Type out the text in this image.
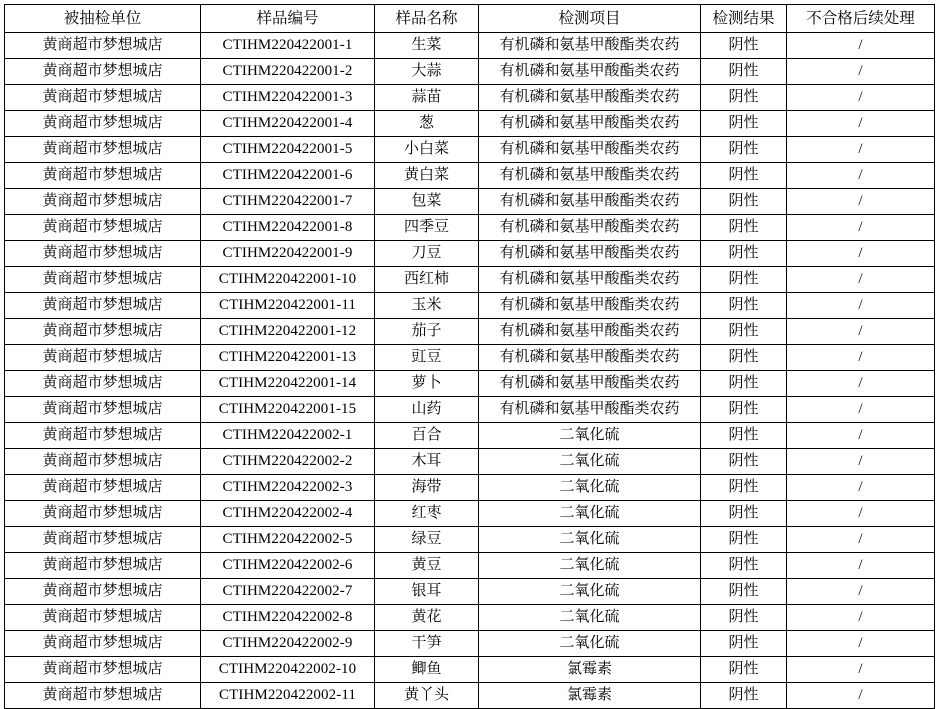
被抽检单位	样品编号	样品名称	检测项目	检测结果	不合格后续处理
黄商超市梦想城店	CTIHM220422001-1	生菜	有机磷和氨基甲酸酯类农药	阴性	/
黄商超市梦想城店	CTIHM220422001-2	大蒜	有机磷和氨基甲酸酯类农药	阴性	/
黄商超市梦想城店	CTIHM220422001-3	蒜苗	有机磷和氨基甲酸酯类农药	阴性	/
黄商超市梦想城店	CTIHM220422001-4	葱	有机磷和氨基甲酸酯类农药	阴性	/
黄商超市梦想城店	CTIHM220422001-5	小白菜	有机磷和氨基甲酸酯类农药	阴性	/
黄商超市梦想城店	CTIHM220422001-6	黄白菜	有机磷和氨基甲酸酯类农药	阴性	/
黄商超市梦想城店	CTIHM220422001-7	包菜	有机磷和氨基甲酸酯类农药	阴性	/
黄商超市梦想城店	CTIHM220422001-8	四季豆	有机磷和氨基甲酸酯类农药	阴性	/
黄商超市梦想城店	CTIHM220422001-9	刀豆	有机磷和氨基甲酸酯类农药	阴性	/
黄商超市梦想城店	CTIHM220422001-10	西红柿	有机磷和氨基甲酸酯类农药	阴性	/
黄商超市梦想城店	CTIHM220422001-11	玉米	有机磷和氨基甲酸酯类农药	阴性	/
黄商超市梦想城店	CTIHM220422001-12	茄子	有机磷和氨基甲酸酯类农药	阴性	/
黄商超市梦想城店	CTIHM220422001-13	豇豆	有机磷和氨基甲酸酯类农药	阴性	/
黄商超市梦想城店	CTIHM220422001-14	萝卜	有机磷和氨基甲酸酯类农药	阴性	/
黄商超市梦想城店	CTIHM220422001-15	山药	有机磷和氨基甲酸酯类农药	阴性	/
黄商超市梦想城店	CTIHM220422002-1	百合	二氧化硫	阴性	/
黄商超市梦想城店	CTIHM220422002-2	木耳	二氧化硫	阴性	/
黄商超市梦想城店	CTIHM220422002-3	海带	二氧化硫	阴性	/
黄商超市梦想城店	CTIHM220422002-4	红枣	二氧化硫	阴性	/
黄商超市梦想城店	CTIHM220422002-5	绿豆	二氧化硫	阴性	/
黄商超市梦想城店	CTIHM220422002-6	黄豆	二氧化硫	阴性	/
黄商超市梦想城店	CTIHM220422002-7	银耳	二氧化硫	阴性	/
黄商超市梦想城店	CTIHM220422002-8	黄花	二氧化硫	阴性	/
黄商超市梦想城店	CTIHM220422002-9	干笋	二氧化硫	阴性	/
黄商超市梦想城店	CTIHM220422002-10	鲫鱼	氯霉素	阴性	/
黄商超市梦想城店	CTIHM220422002-11	黄丫头	氯霉素	阴性	/
